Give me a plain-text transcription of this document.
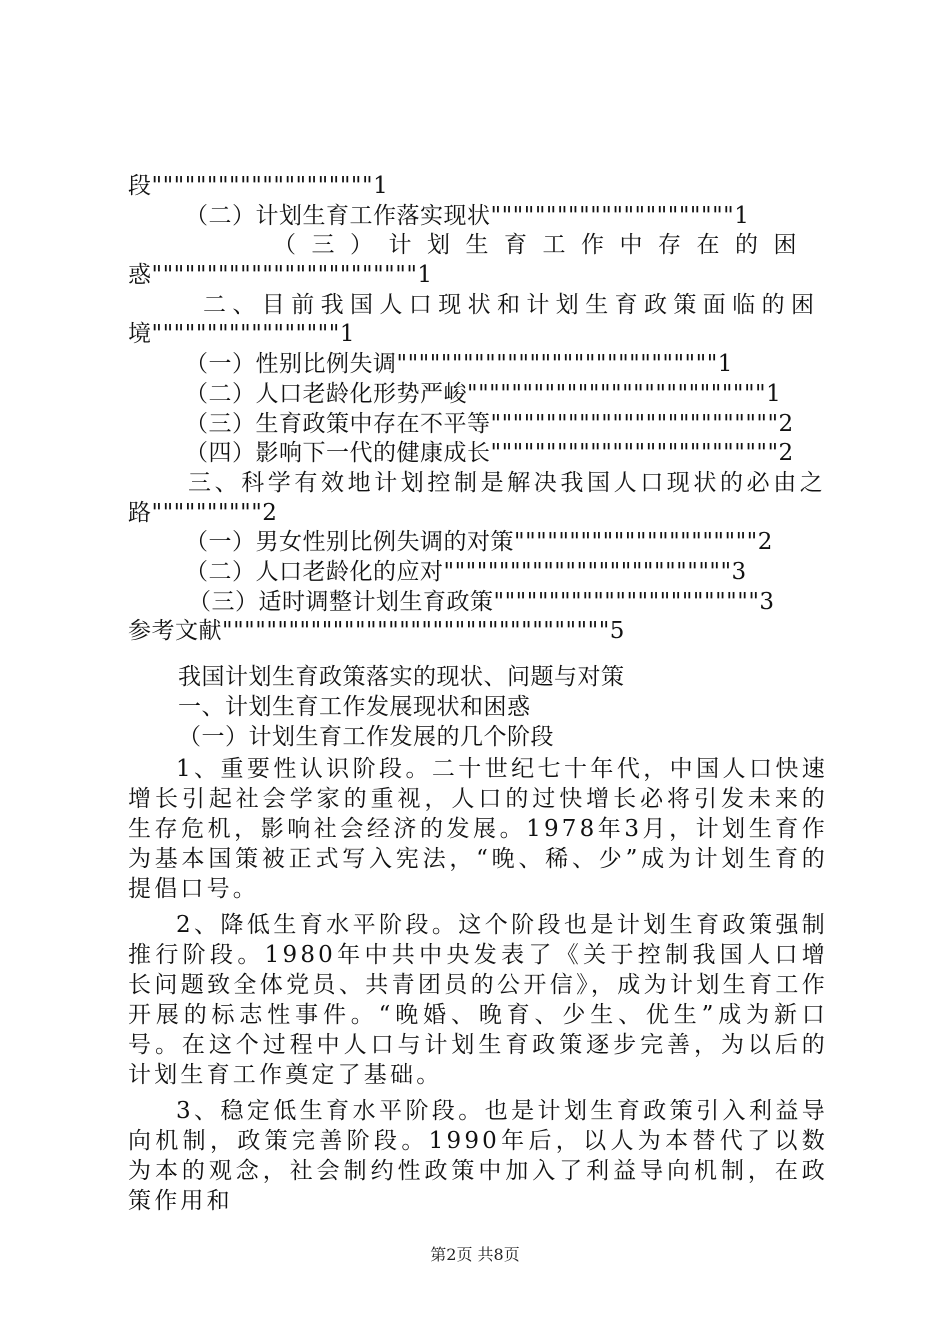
段""""""""""""""""""""1
（二）计划生育工作落实现状""""""""""""""""""""""1
（三）计划生育工作中存在的困
惑""""""""""""""""""""""""1
二、目前我国人口现状和计划生育政策面临的困
境"""""""""""""""""1
（一）性别比例失调"""""""""""""""""""""""""""""1
（二）人口老龄化形势严峻"""""""""""""""""""""""""""1
（三）生育政策中存在不平等""""""""""""""""""""""""""2
（四）影响下一代的健康成长""""""""""""""""""""""""""2
三、科学有效地计划控制是解决我国人口现状的必由之
路""""""""""2
（一）男女性别比例失调的对策""""""""""""""""""""""2
（二）人口老龄化的应对""""""""""""""""""""""""""3
（三）适时调整计划生育政策""""""""""""""""""""""""3
参考文献"""""""""""""""""""""""""""""""""""5
我国计划生育政策落实的现状、问题与对策
一、计划生育工作发展现状和困惑
（一）计划生育工作发展的几个阶段

1、重要性认识阶段。二十世纪七十年代，中国人口快速增长引起社会学家的重视，人口的过快增长必将引发未来的生存危机，影响社会经济的发展。1978年3月，计划生育作为基本国策被正式写入宪法，“晚、稀、少”成为计划生育的提倡口号。

2、降低生育水平阶段。这个阶段也是计划生育政策强制推行阶段。1980年中共中央发表了《关于控制我国人口增长问题致全体党员、共青团员的公开信》，成为计划生育工作开展的标志性事件。“晚婚、晚育、少生、优生”成为新口号。在这个过程中人口与计划生育政策逐步完善，为以后的计划生育工作奠定了基础。

3、稳定低生育水平阶段。也是计划生育政策引入利益导向机制，政策完善阶段。1990年后，以人为本替代了以数为本的观念，社会制约性政策中加入了利益导向机制，在政策作用和

第2页 共8页
